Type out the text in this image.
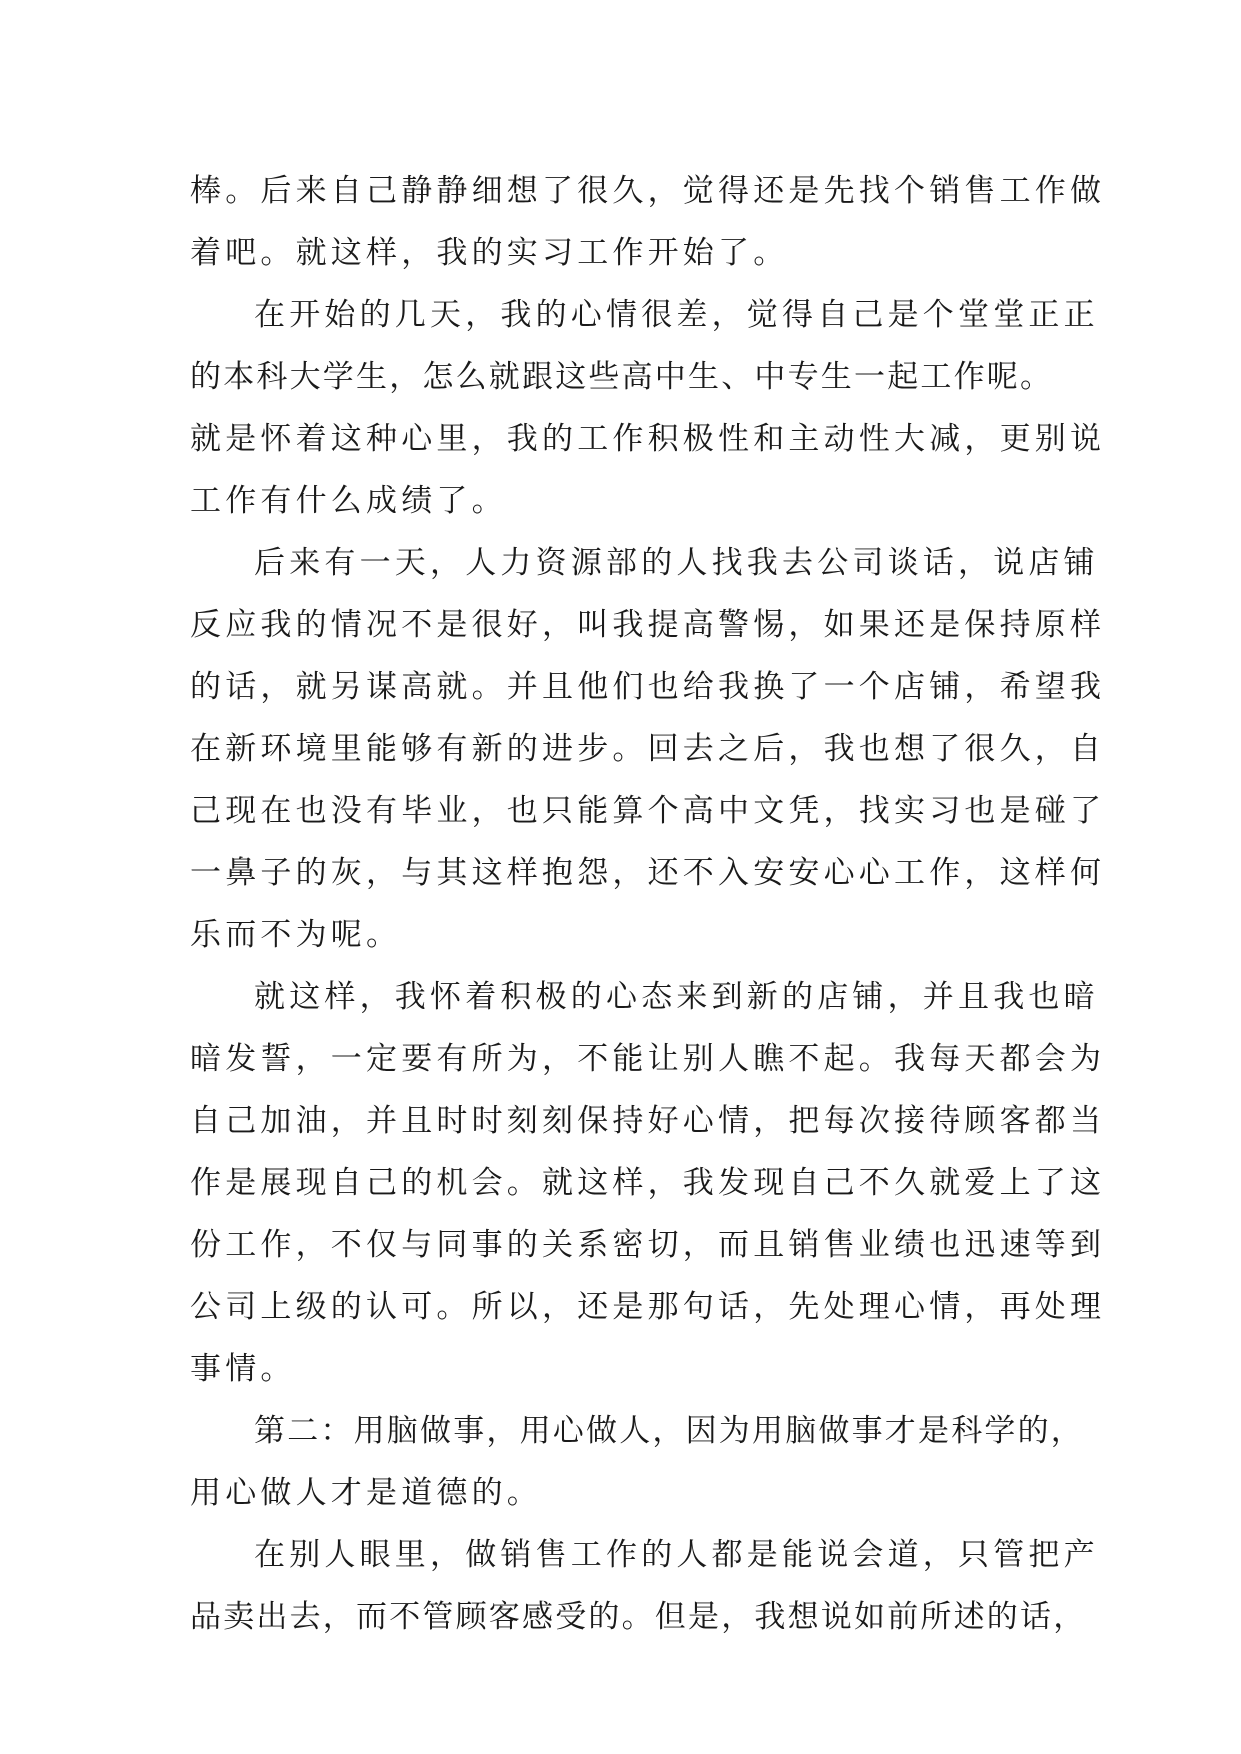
棒。后来自己静静细想了很久，觉得还是先找个销售工作做
着吧。就这样，我的实习工作开始了。
在开始的几天，我的心情很差，觉得自己是个堂堂正正
的本科大学生，怎么就跟这些高中生、中专生一起工作呢。
就是怀着这种心里，我的工作积极性和主动性大减，更别说
工作有什么成绩了。
后来有一天，人力资源部的人找我去公司谈话，说店铺
反应我的情况不是很好，叫我提高警惕，如果还是保持原样
的话，就另谋高就。并且他们也给我换了一个店铺，希望我
在新环境里能够有新的进步。回去之后，我也想了很久，自
己现在也没有毕业，也只能算个高中文凭，找实习也是碰了
一鼻子的灰，与其这样抱怨，还不入安安心心工作，这样何
乐而不为呢。
就这样，我怀着积极的心态来到新的店铺，并且我也暗
暗发誓，一定要有所为，不能让别人瞧不起。我每天都会为
自己加油，并且时时刻刻保持好心情，把每次接待顾客都当
作是展现自己的机会。就这样，我发现自己不久就爱上了这
份工作，不仅与同事的关系密切，而且销售业绩也迅速等到
公司上级的认可。所以，还是那句话，先处理心情，再处理
事情。
第二：用脑做事，用心做人，因为用脑做事才是科学的，
用心做人才是道德的。
在别人眼里，做销售工作的人都是能说会道，只管把产
品卖出去，而不管顾客感受的。但是，我想说如前所述的话，
